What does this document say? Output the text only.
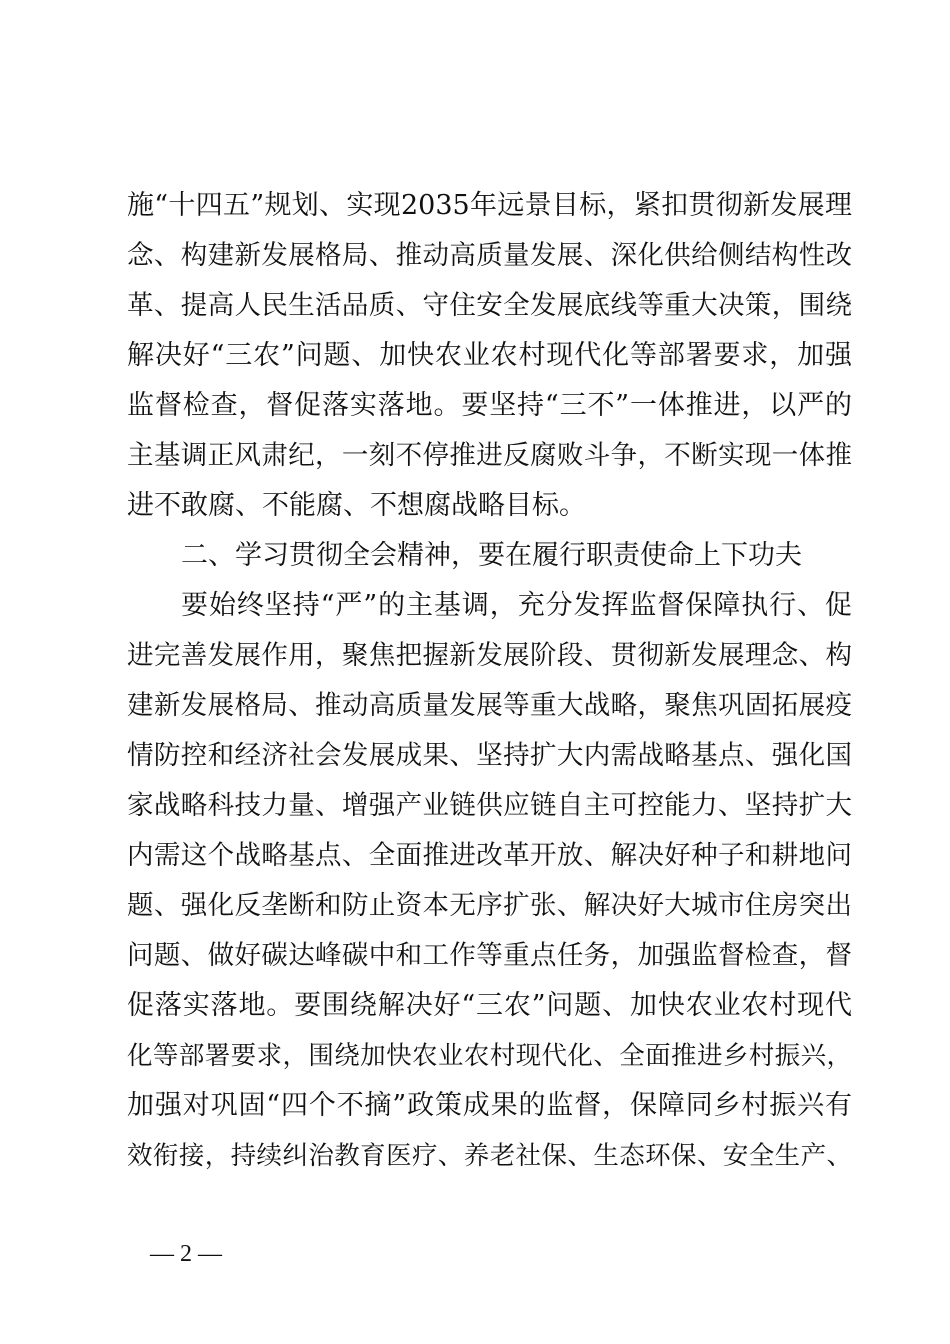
施“十四五”规划、实现2035年远景目标，紧扣贯彻新发展理
念、构建新发展格局、推动高质量发展、深化供给侧结构性改
革、提高人民生活品质、守住安全发展底线等重大决策，围绕
解决好“三农”问题、加快农业农村现代化等部署要求，加强
监督检查，督促落实落地。要坚持“三不”一体推进，以严的
主基调正风肃纪，一刻不停推进反腐败斗争，不断实现一体推
进不敢腐、不能腐、不想腐战略目标。
二、学习贯彻全会精神，要在履行职责使命上下功夫
要始终坚持“严”的主基调，充分发挥监督保障执行、促
进完善发展作用，聚焦把握新发展阶段、贯彻新发展理念、构
建新发展格局、推动高质量发展等重大战略，聚焦巩固拓展疫
情防控和经济社会发展成果、坚持扩大内需战略基点、强化国
家战略科技力量、增强产业链供应链自主可控能力、坚持扩大
内需这个战略基点、全面推进改革开放、解决好种子和耕地问
题、强化反垄断和防止资本无序扩张、解决好大城市住房突出
问题、做好碳达峰碳中和工作等重点任务，加强监督检查，督
促落实落地。要围绕解决好“三农”问题、加快农业农村现代
化等部署要求，围绕加快农业农村现代化、全面推进乡村振兴，
加强对巩固“四个不摘”政策成果的监督，保障同乡村振兴有
效衔接，持续纠治教育医疗、养老社保、生态环保、安全生产、
— 2 —
